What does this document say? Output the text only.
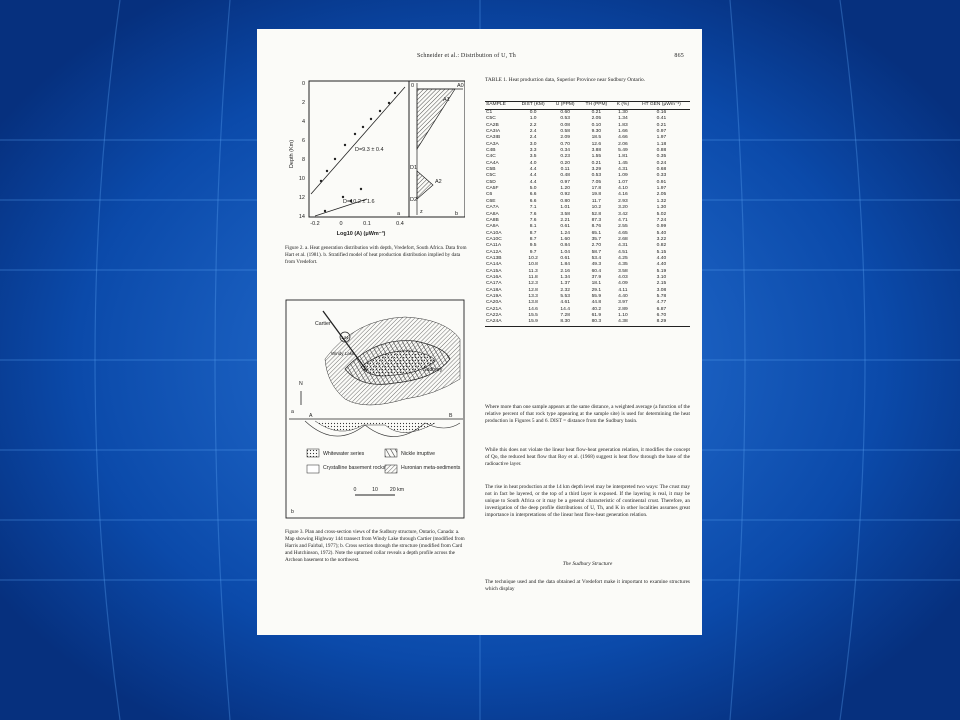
Schneider et al.: Distribution of U, Th	865
0
2
4
6
8
10
12
14
Depth (Km)
-0.2	0	0.1	0.4
Log10 (A) (μWm⁻³)
D=9.3 ± 0.4
D=10.2 ± 1.6
a
A0
A1
A2
D1
D2
z
0
b
Figure 2. a. Heat generation distribution with depth, Vredefort, South Africa. Data from Hart et al. (1981). b. Stratified model of heat production distribution implied by data from Vredefort.
Cartier
144
Windy Lake
Sudbury
N
a
A	B
Whitewater series	Nickle irruptive
Crystalline basement rocks	Huronian meta-sediments
0	10 20 km
b
Figure 3. Plan and cross-section views of the Sudbury structure, Ontario, Canada: a. Map showing Highway 144 transect from Windy Lake through Cartier (modified from Harris and Fairbal, 1977); b. Cross section through the structure (modified from Card and Hutchinson, 1972). Note the upturned collar reveals a depth profile across the Archean basement to the northwest.
TABLE 1. Heat production data, Superior Province near Sudbury Ontario.
SAMPLE	DIST (KM)	U (PPM)	TH (PPM)	K (%)	HT GEN (μWm⁻³)

C1	0.0	0.60	0.21	1.30	0.16
C5C	1.0	0.53	2.05	1.34	0.41
CA2B	2.2	0.08	0.10	1.83	0.21
CA3IA	2.4	0.58	9.30	1.66	0.97
CA3IB	2.4	2.09	18.5	4.66	1.97
CA3A	3.0	0.70	12.6	2.06	1.18
C4B	3.3	0.34	3.88	5.49	0.88
C4C	3.5	0.23	1.55	1.81	0.35
CA4A	4.0	0.20	0.21	1.45	0.24
C5B	4.4	0.11	3.29	4.31	0.68
C5C	4.4	0.48	0.53	1.09	0.33
C5D	4.4	0.97	7.05	1.07	0.91
CA5F	5.0	1.20	17.8	4.10	1.97
C6	6.6	0.92	19.8	4.16	2.05
C6E	6.6	0.80	11.7	2.93	1.32
CA7A	7.1	1.01	10.2	3.20	1.30
CA8A	7.6	3.58	52.8	3.42	5.02
CA8B	7.6	2.21	87.3	4.71	7.24
CA9A	8.1	0.61	8.76	2.55	0.99
CA10A	8.7	1.24	65.1	4.65	5.40
CA10C	8.7	1.60	35.7	2.68	3.22
CA11A	9.5	0.84	2.70	4.31	0.82
CA12A	9.7	1.04	58.7	4.51	5.15
CA13B	10.2	0.61	53.4	4.25	4.40
CA14A	10.8	1.84	49.3	4.35	4.40
CA15A	11.3	2.16	60.4	3.58	5.19
CA16A	11.8	1.34	37.9	4.03	3.10
CA17A	12.3	1.37	18.1	4.09	2.15
CA18A	12.8	2.32	29.1	4.11	3.08
CA19A	13.3	5.53	55.9	4.40	5.78
CA20A	13.8	4.61	44.8	3.97	4.77
CA21A	14.6	14.4	40.2	2.89	6.87
CA22A	15.5	7.28	61.9	1.10	6.70
CA24A	15.9	8.30	80.3	4.38	8.29
Where more than one sample appears at the same distance, a weighted average (a function of the relative percent of that rock type appearing at the sample site) is used for determining the heat production in Figures 5 and 6. DIST = distance from the Sudbury basin.
While this does not violate the linear heat flow-heat generation relation, it modifies the concept of Qo, the reduced heat flow that Roy et al. (1968) suggest is heat flow through the base of the radioactive layer.
The rise in heat production at the 14 km depth level may be interpreted two ways: The crust may not in fact be layered, or the top of a third layer is exposed. If the layering is real, it may be unique to South Africa or it may be a general characteristic of continental crust. Therefore, an investigation of the deep profile distributions of U, Th, and K in other localities assumes great importance in interpretations of the linear heat flow-heat generation relation.
The Sudbury Structure
The technique used and the data obtained at Vredefort make it important to examine structures which display
